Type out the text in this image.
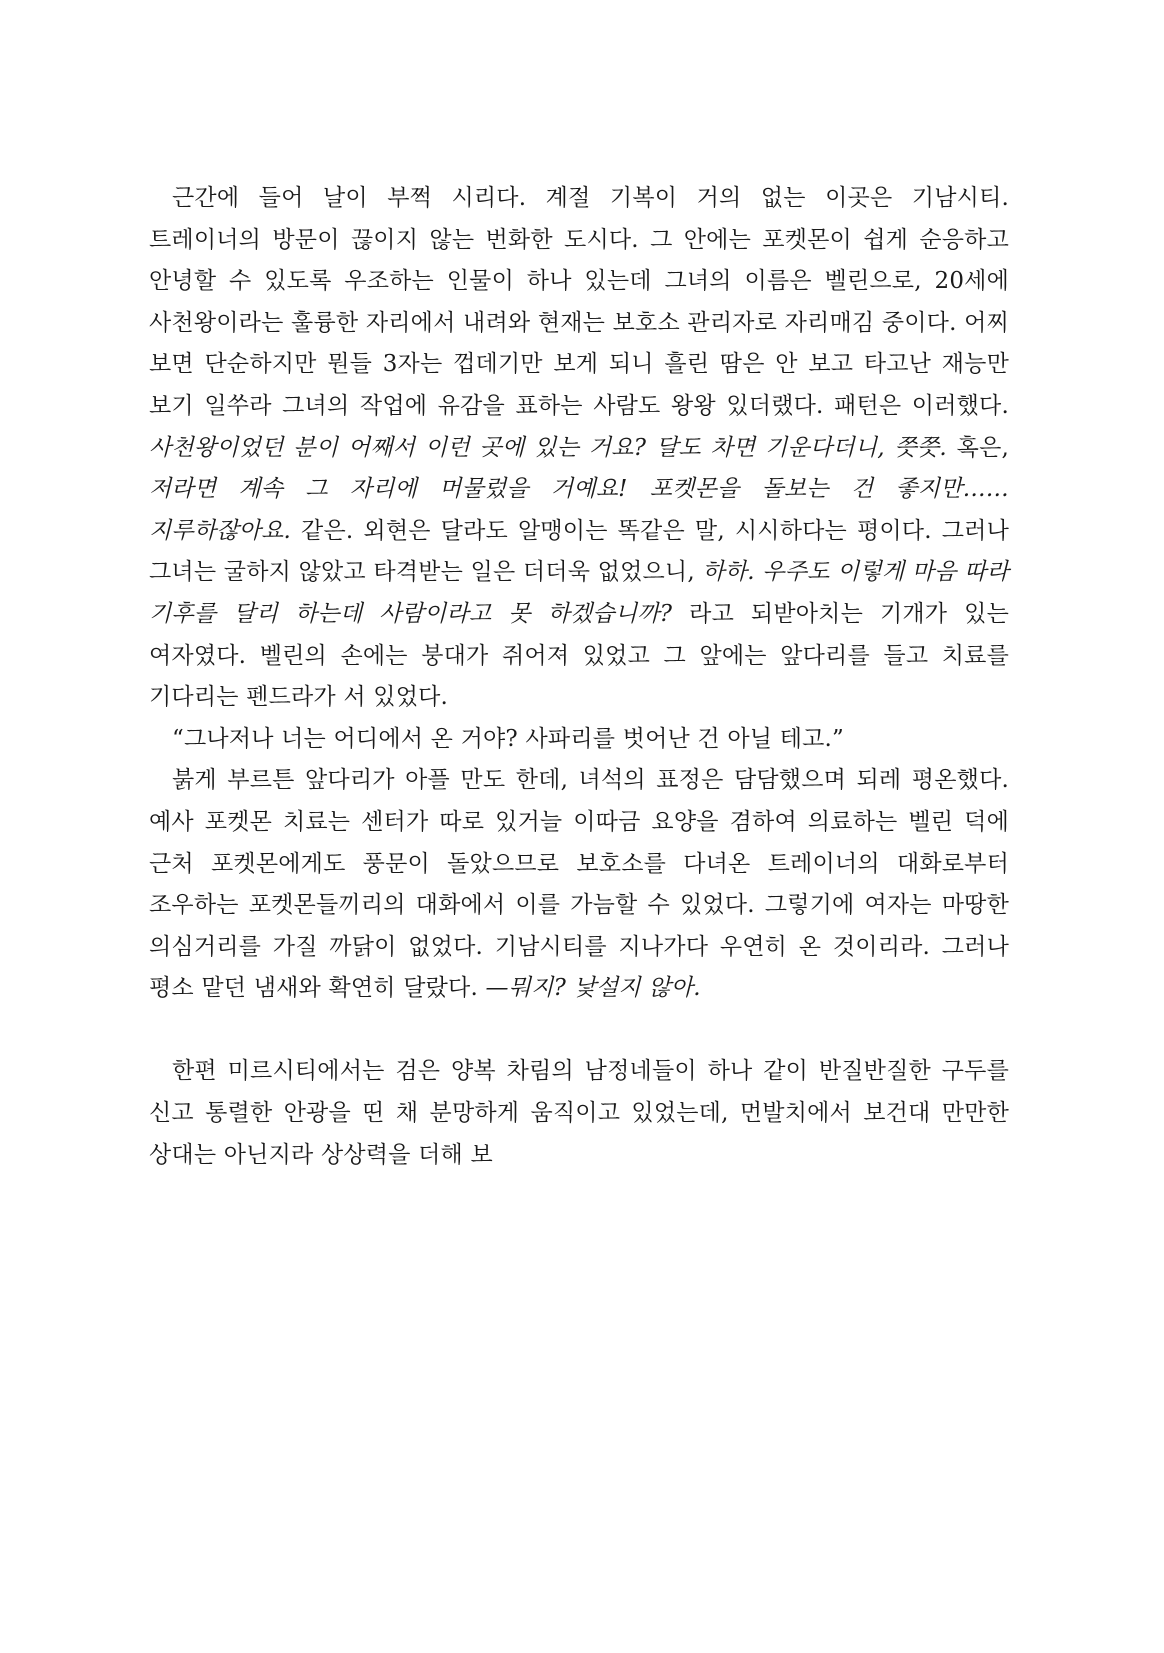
근간에 들어 날이 부쩍 시리다. 계절 기복이 거의 없는 이곳은 기남시티. 트레이너의 방문이 끊이지 않는 번화한 도시다. 그 안에는 포켓몬이 쉽게 순응하고 안녕할 수 있도록 우조하는 인물이 하나 있는데 그녀의 이름은 벨린으로, 20세에 사천왕이라는 훌륭한 자리에서 내려와 현재는 보호소 관리자로 자리매김 중이다. 어찌 보면 단순하지만 뭔들 3자는 껍데기만 보게 되니 흘린 땀은 안 보고 타고난 재능만 보기 일쑤라 그녀의 작업에 유감을 표하는 사람도 왕왕 있더랬다. 패턴은 이러했다. 사천왕이었던 분이 어째서 이런 곳에 있는 거요? 달도 차면 기운다더니, 쯧쯧. 혹은, 저라면 계속 그 자리에 머물렀을 거예요! 포켓몬을 돌보는 건 좋지만…… 지루하잖아요. 같은. 외현은 달라도 알맹이는 똑같은 말, 시시하다는 평이다. 그러나 그녀는 굴하지 않았고 타격받는 일은 더더욱 없었으니, 하하. 우주도 이렇게 마음 따라 기후를 달리 하는데 사람이라고 못 하겠습니까? 라고 되받아치는 기개가 있는 여자였다. 벨린의 손에는 붕대가 쥐어져 있었고 그 앞에는 앞다리를 들고 치료를 기다리는 펜드라가 서 있었다.

“그나저나 너는 어디에서 온 거야? 사파리를 벗어난 건 아닐 테고.”

붉게 부르튼 앞다리가 아플 만도 한데, 녀석의 표정은 담담했으며 되레 평온했다. 예사 포켓몬 치료는 센터가 따로 있거늘 이따금 요양을 겸하여 의료하는 벨린 덕에 근처 포켓몬에게도 풍문이 돌았으므로 보호소를 다녀온 트레이너의 대화로부터 조우하는 포켓몬들끼리의 대화에서 이를 가늠할 수 있었다. 그렇기에 여자는 마땅한 의심거리를 가질 까닭이 없었다. 기남시티를 지나가다 우연히 온 것이리라. 그러나 평소 맡던 냄새와 확연히 달랐다. —뭐지? 낯설지 않아.

한편 미르시티에서는 검은 양복 차림의 남정네들이 하나 같이 반질반질한 구두를 신고 통렬한 안광을 띤 채 분망하게 움직이고 있었는데, 먼발치에서 보건대 만만한 상대는 아닌지라 상상력을 더해 보
